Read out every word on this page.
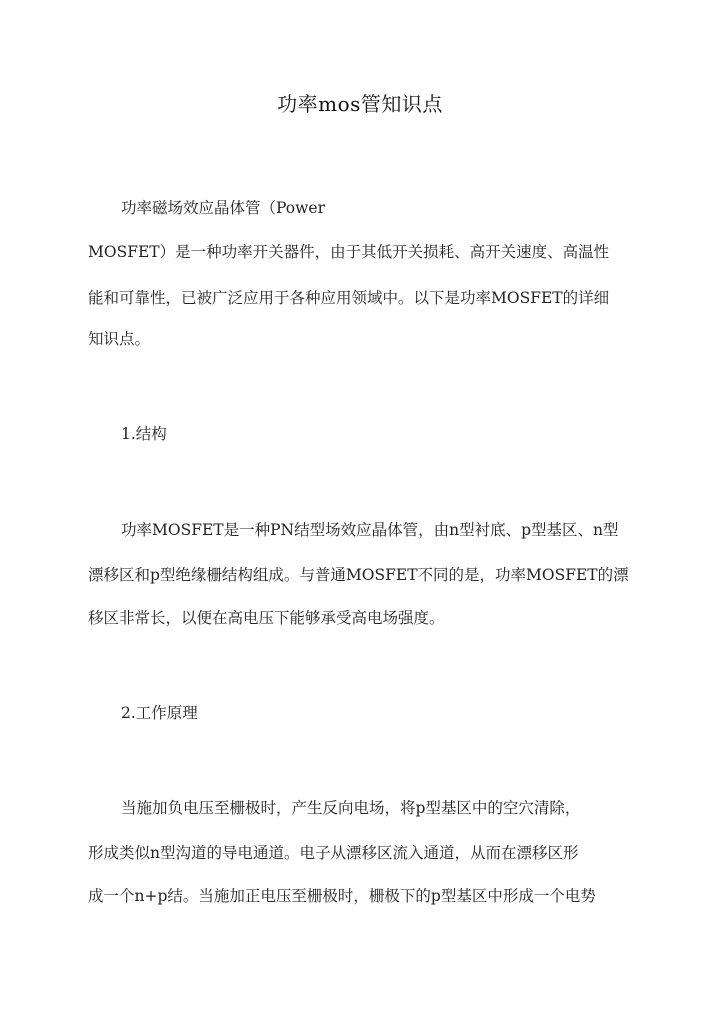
功率mos管知识点
功率磁场效应晶体管（Power
MOSFET）是一种功率开关器件，由于其低开关损耗、高开关速度、高温性
能和可靠性，已被广泛应用于各种应用领域中。以下是功率MOSFET的详细
知识点。
1.结构
功率MOSFET是一种PN结型场效应晶体管，由n型衬底、p型基区、n型
漂移区和p型绝缘栅结构组成。与普通MOSFET不同的是，功率MOSFET的漂
移区非常长，以便在高电压下能够承受高电场强度。
2.工作原理
当施加负电压至栅极时，产生反向电场，将p型基区中的空穴清除，
形成类似n型沟道的导电通道。电子从漂移区流入通道，从而在漂移区形
成一个n+p结。当施加正电压至栅极时，栅极下的p型基区中形成一个电势
